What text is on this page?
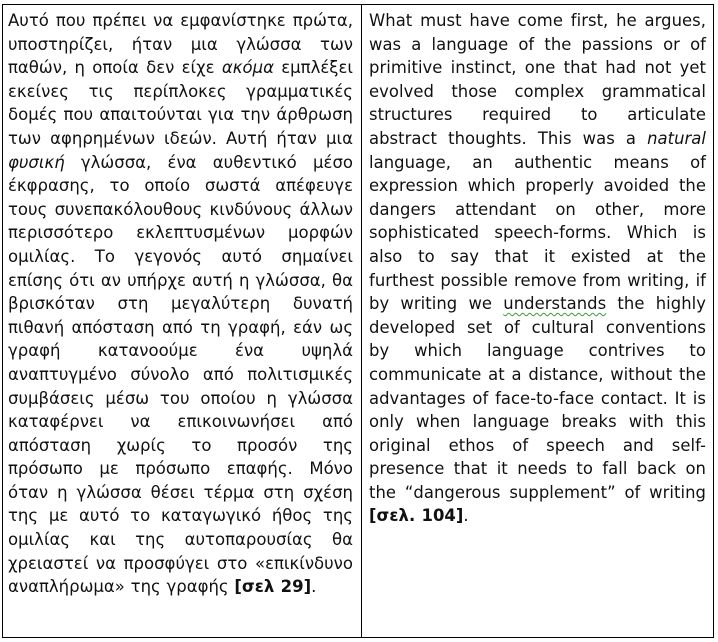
Αυτό που πρέπει να εμφανίστηκε πρώτα, υποστηρίζει, ήταν μια γλώσσα των παθών, η οποία δεν είχε ακόμα εμπλέξει εκείνες τις περίπλοκες γραμματικές δομές που απαιτούνται για την άρθρωση των αφηρημένων ιδεών. Αυτή ήταν μια φυσική γλώσσα, ένα αυθεντικό μέσο έκφρασης, το οποίο σωστά απέφευγε τους συνεπακόλουθους κινδύνους άλλων περισσότερο εκλεπτυσμένων μορφών ομιλίας. Το γεγονός αυτό σημαίνει επίσης ότι αν υπήρχε αυτή η γλώσσα, θα βρισκόταν στη μεγαλύτερη δυνατή πιθανή απόσταση από τη γραφή, εάν ως γραφή κατανοούμε ένα υψηλά αναπτυγμένο σύνολο από πολιτισμικές συμβάσεις μέσω του οποίου η γλώσσα καταφέρνει να επικοινωνήσει από απόσταση χωρίς το προσόν της πρόσωπο με πρόσωπο επαφής. Μόνο όταν η γλώσσα θέσει τέρμα στη σχέση της με αυτό το καταγωγικό ήθος της ομιλίας και της αυτοπαρουσίας θα χρειαστεί να προσφύγει στο «επικίνδυνο αναπλήρωμα» της γραφής [σελ 29].

What must have come first, he argues, was a language of the passions or of primitive instinct, one that had not yet evolved those complex grammatical structures required to articulate abstract thoughts. This was a natural language, an authentic means of expression which properly avoided the dangers attendant on other, more sophisticated speech-forms. Which is also to say that it existed at the furthest possible remove from writing, if by writing we understands the highly developed set of cultural conventions by which language contrives to communicate at a distance, without the advantages of face-to-face contact. It is only when language breaks with this original ethos of speech and self-presence that it needs to fall back on the “dangerous supplement” of writing [σελ. 104].
